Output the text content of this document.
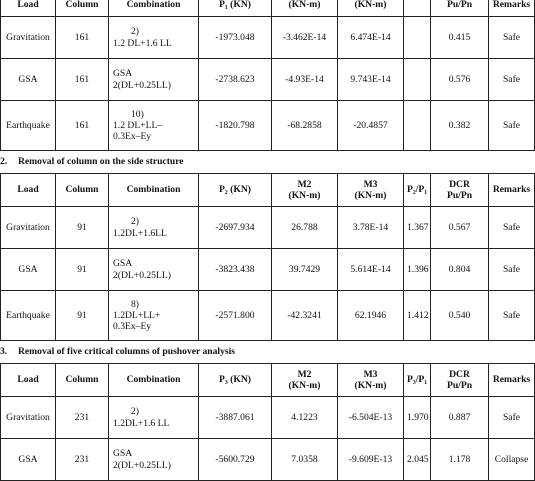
Load	Column	Combination	P₁ (KN)	(KN-m)	(KN-m)		Pu/Pn	Remarks
Gravitation	161	2)
1.2 DL+1.6 LL	-1973.048	-3.462E-14	6.474E-14		0.415	Safe
GSA	161	GSA
2(DL+0.25LL)	-2738.623	-4.93E-14	9.743E-14		0.576	Safe
Earthquake	161	10)
1.2 DL+LL–
0.3Ex–Ey	-1820.798	-68.2858	-20.4857		0.382	Safe
2. Removal of column on the side structure
Load	Column	Combination	P₂ (KN)	M2
(KN-m)	M3
(KN-m)	P₂/P₁	DCR
Pu/Pn	Remarks
Gravitation	91	2)
1.2DL+1.6LL	-2697.934	26.788	3.78E-14	1.367	0.567	Safe
GSA	91	GSA
2(DL+0.25LL)	-3823.438	39.7429	5.614E-14	1.396	0.804	Safe
Earthquake	91	8)
1.2DL+LL+
0.3Ex–Ey	-2571.800	-42.3241	62.1946	1.412	0.540	Safe
3. Removal of five critical columns of pushover analysis
Load	Column	Combination	P₃ (KN)	M2
(KN-m)	M3
(KN-m)	P₃/P₁	DCR
Pu/Pn	Remarks
Gravitation	231	2)
1.2DL+1.6 LL	-3887.061	4.1223	-6.504E-13	1.970	0.887	Safe
GSA	231	GSA
2(DL+0.25LL)	-5600.729	7.0358	-9.609E-13	2.045	1.178	Collapse
